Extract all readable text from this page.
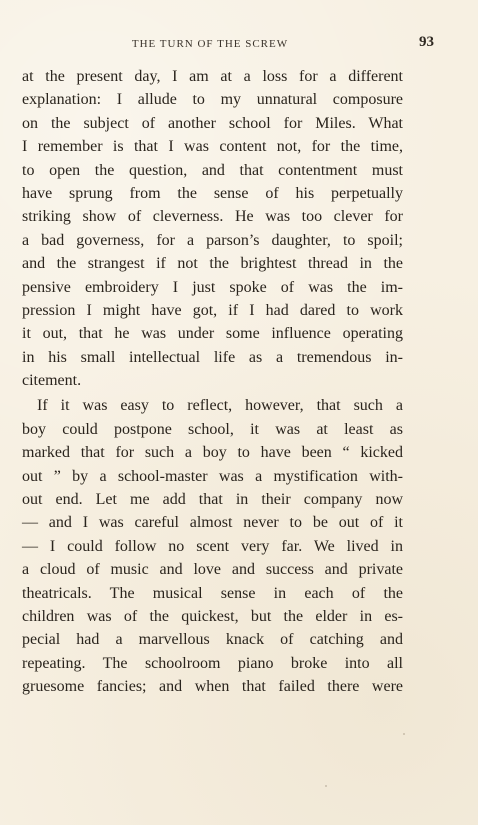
THE TURN OF THE SCREW	93
at the present day, I am at a loss for a different
explanation: I allude to my unnatural composure
on the subject of another school for Miles. What
I remember is that I was content not, for the time,
to open the question, and that contentment must
have sprung from the sense of his perpetually
striking show of cleverness. He was too clever for
a bad governess, for a parson’s daughter, to spoil;
and the strangest if not the brightest thread in the
pensive embroidery I just spoke of was the im-
pression I might have got, if I had dared to work
it out, that he was under some influence operating
in his small intellectual life as a tremendous in-
citement.
If it was easy to reflect, however, that such a
boy could postpone school, it was at least as
marked that for such a boy to have been “ kicked
out ” by a school-master was a mystification with-
out end. Let me add that in their company now
— and I was careful almost never to be out of it
— I could follow no scent very far. We lived in
a cloud of music and love and success and private
theatricals. The musical sense in each of the
children was of the quickest, but the elder in es-
pecial had a marvellous knack of catching and
repeating. The schoolroom piano broke into all
gruesome fancies; and when that failed there were
